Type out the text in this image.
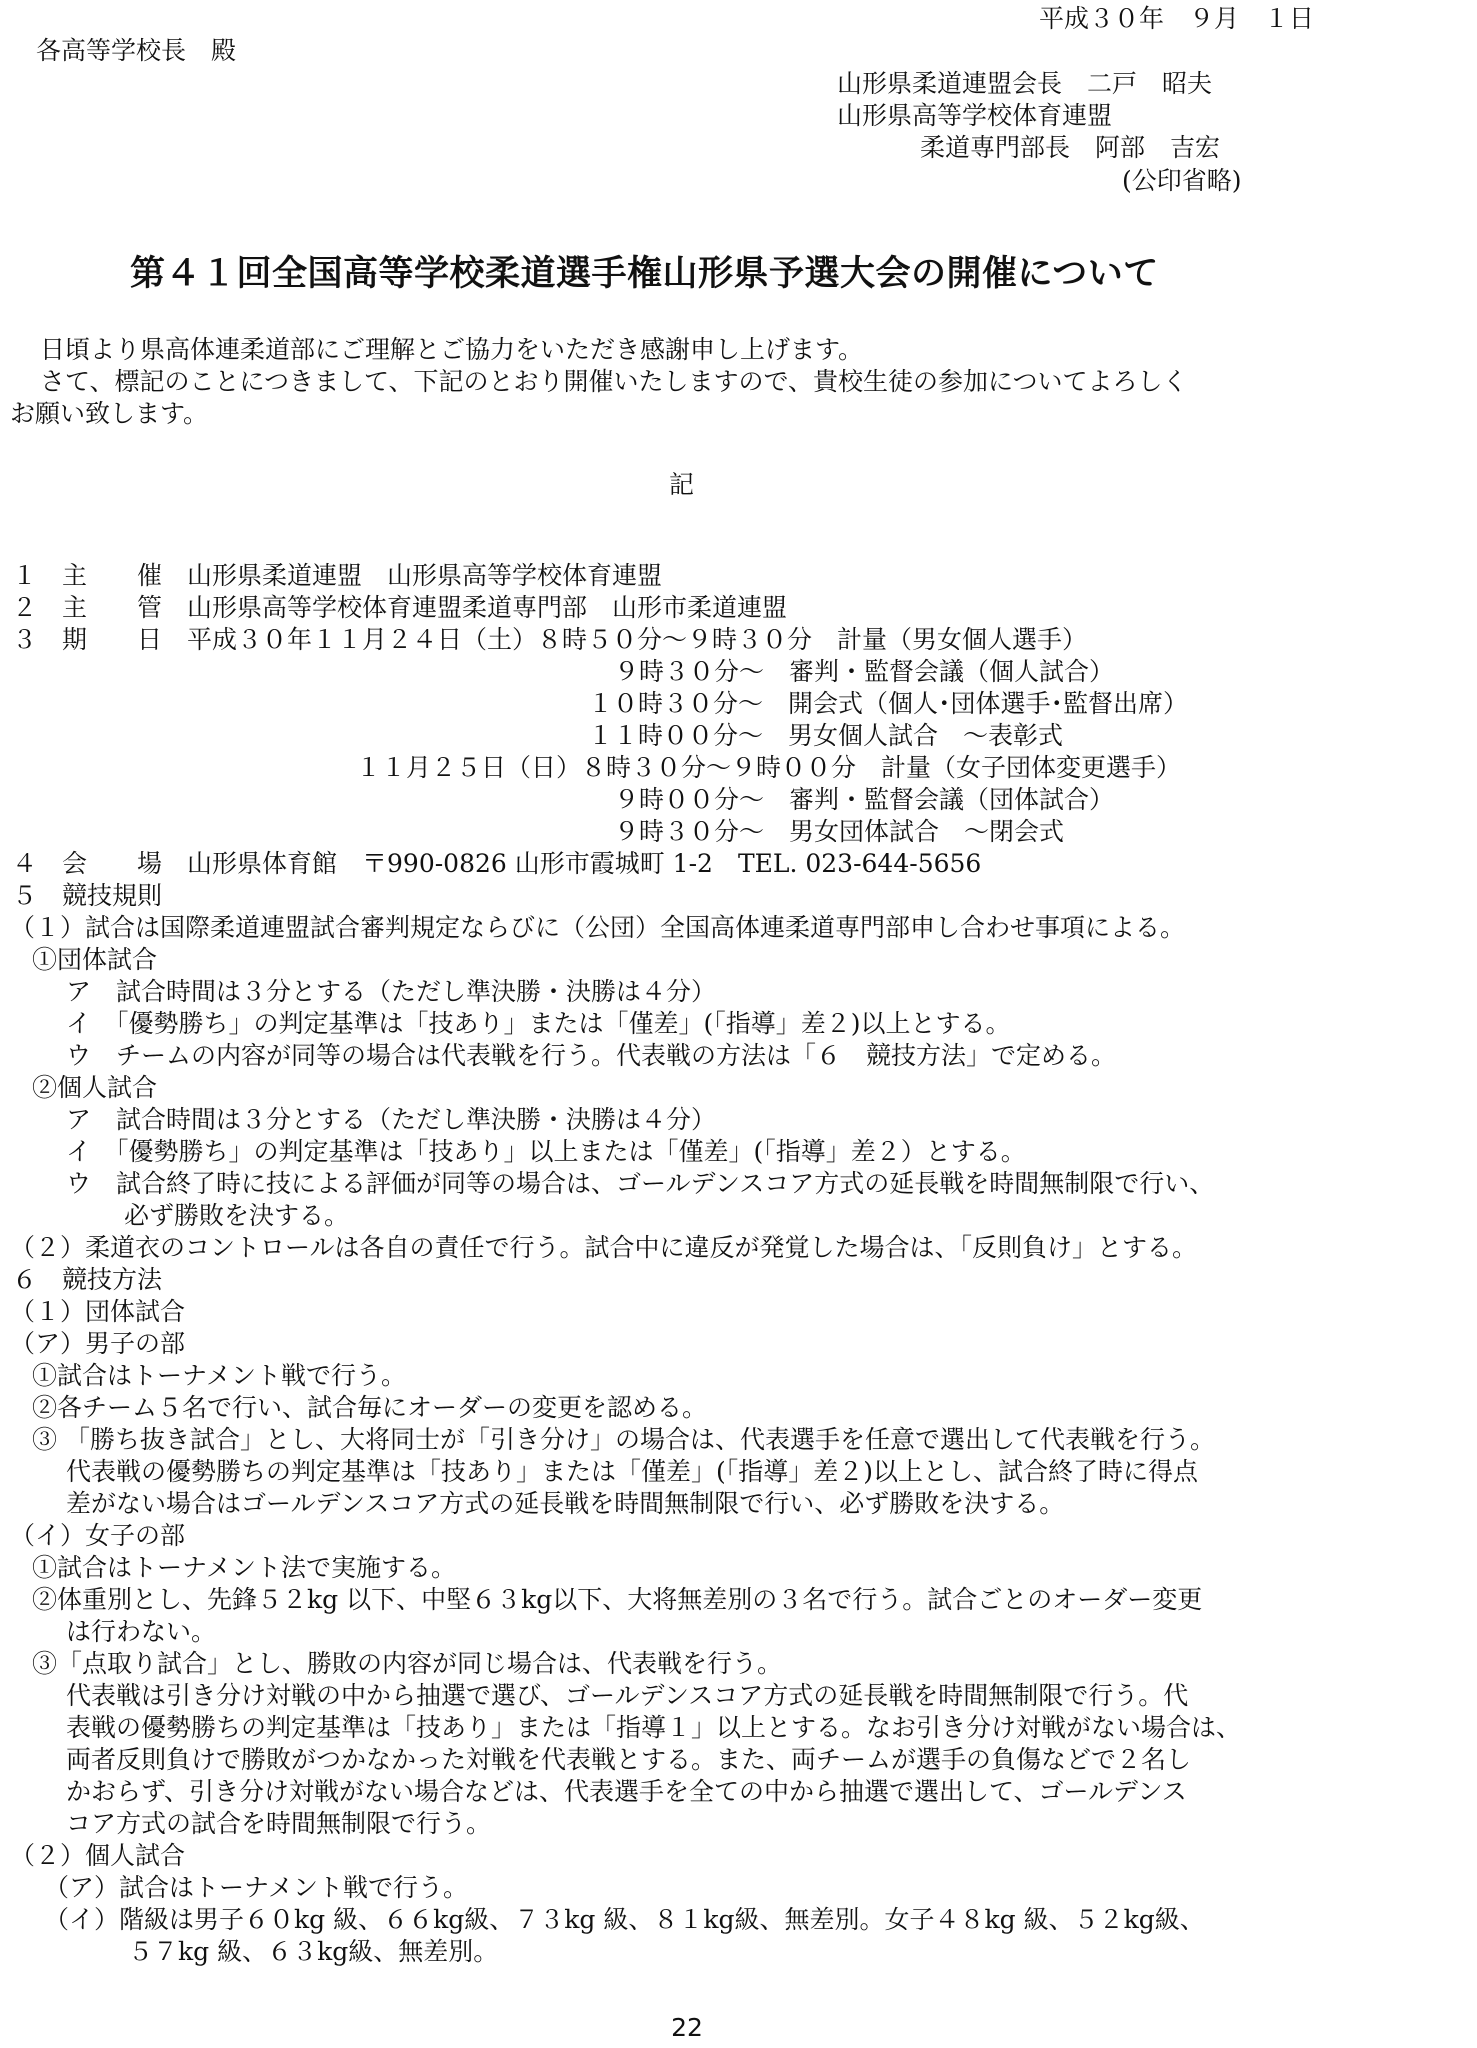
平成３０年　９月　１日
各高等学校長　殿
山形県柔道連盟会長　二戸　昭夫
山形県高等学校体育連盟
柔道専門部長　阿部　吉宏
(公印省略)
第４１回全国高等学校柔道選手権山形県予選大会の開催について
日頃より県高体連柔道部にご理解とご協力をいただき感謝申し上げます。
さて、標記のことにつきまして、下記のとおり開催いたしますので、貴校生徒の参加についてよろしく
お願い致します。
記
１　主　　催　山形県柔道連盟　山形県高等学校体育連盟
２　主　　管　山形県高等学校体育連盟柔道専門部　山形市柔道連盟
３　期　　日　平成３０年１１月２４日（土）８時５０分～９時３０分　計量（男女個人選手）
９時３０分～　審判・監督会議（個人試合）
１０時３０分～　開会式（個人･団体選手･監督出席）
１１時００分～　男女個人試合　～表彰式
１１月２５日（日）８時３０分～９時００分　計量（女子団体変更選手）
９時００分～　審判・監督会議（団体試合）
９時３０分～　男女団体試合　～閉会式
４　会　　場　山形県体育館　〒990-0826 山形市霞城町 1-2　TEL. 023-644-5656
５　競技規則
（１）試合は国際柔道連盟試合審判規定ならびに（公団）全国高体連柔道専門部申し合わせ事項による。
①団体試合
ア　試合時間は３分とする（ただし準決勝・決勝は４分）
イ　「優勢勝ち」の判定基準は「技あり」または「僅差」(「指導」差２)以上とする。
ウ　チームの内容が同等の場合は代表戦を行う。代表戦の方法は「６　競技方法」で定める。
②個人試合
ア　試合時間は３分とする（ただし準決勝・決勝は４分）
イ　「優勢勝ち」の判定基準は「技あり」以上または「僅差」(「指導」差２）とする。
ウ　試合終了時に技による評価が同等の場合は、ゴールデンスコア方式の延長戦を時間無制限で行い、
必ず勝敗を決する。
（２）柔道衣のコントロールは各自の責任で行う。試合中に違反が発覚した場合は、「反則負け」とする。
６　競技方法
（１）団体試合
（ア）男子の部
①試合はトーナメント戦で行う。
②各チーム５名で行い、試合毎にオーダーの変更を認める。
③ 「勝ち抜き試合」とし、大将同士が「引き分け」の場合は、代表選手を任意で選出して代表戦を行う。
代表戦の優勢勝ちの判定基準は「技あり」または「僅差」(「指導」差２)以上とし、試合終了時に得点
差がない場合はゴールデンスコア方式の延長戦を時間無制限で行い、必ず勝敗を決する。
（イ）女子の部
①試合はトーナメント法で実施する。
②体重別とし、先鋒５２kg 以下、中堅６３kg以下、大将無差別の３名で行う。試合ごとのオーダー変更
は行わない。
③「点取り試合」とし、勝敗の内容が同じ場合は、代表戦を行う。
代表戦は引き分け対戦の中から抽選で選び、ゴールデンスコア方式の延長戦を時間無制限で行う。代
表戦の優勢勝ちの判定基準は「技あり」または「指導１」以上とする。なお引き分け対戦がない場合は、
両者反則負けで勝敗がつかなかった対戦を代表戦とする。また、両チームが選手の負傷などで２名し
かおらず、引き分け対戦がない場合などは、代表選手を全ての中から抽選で選出して、ゴールデンス
コア方式の試合を時間無制限で行う。
（２）個人試合
（ア）試合はトーナメント戦で行う。
（イ）階級は男子６０kg 級、６６kg級、７３kg 級、８１kg級、無差別。女子４８kg 級、５２kg級、
５７kg 級、６３kg級、無差別。
22
